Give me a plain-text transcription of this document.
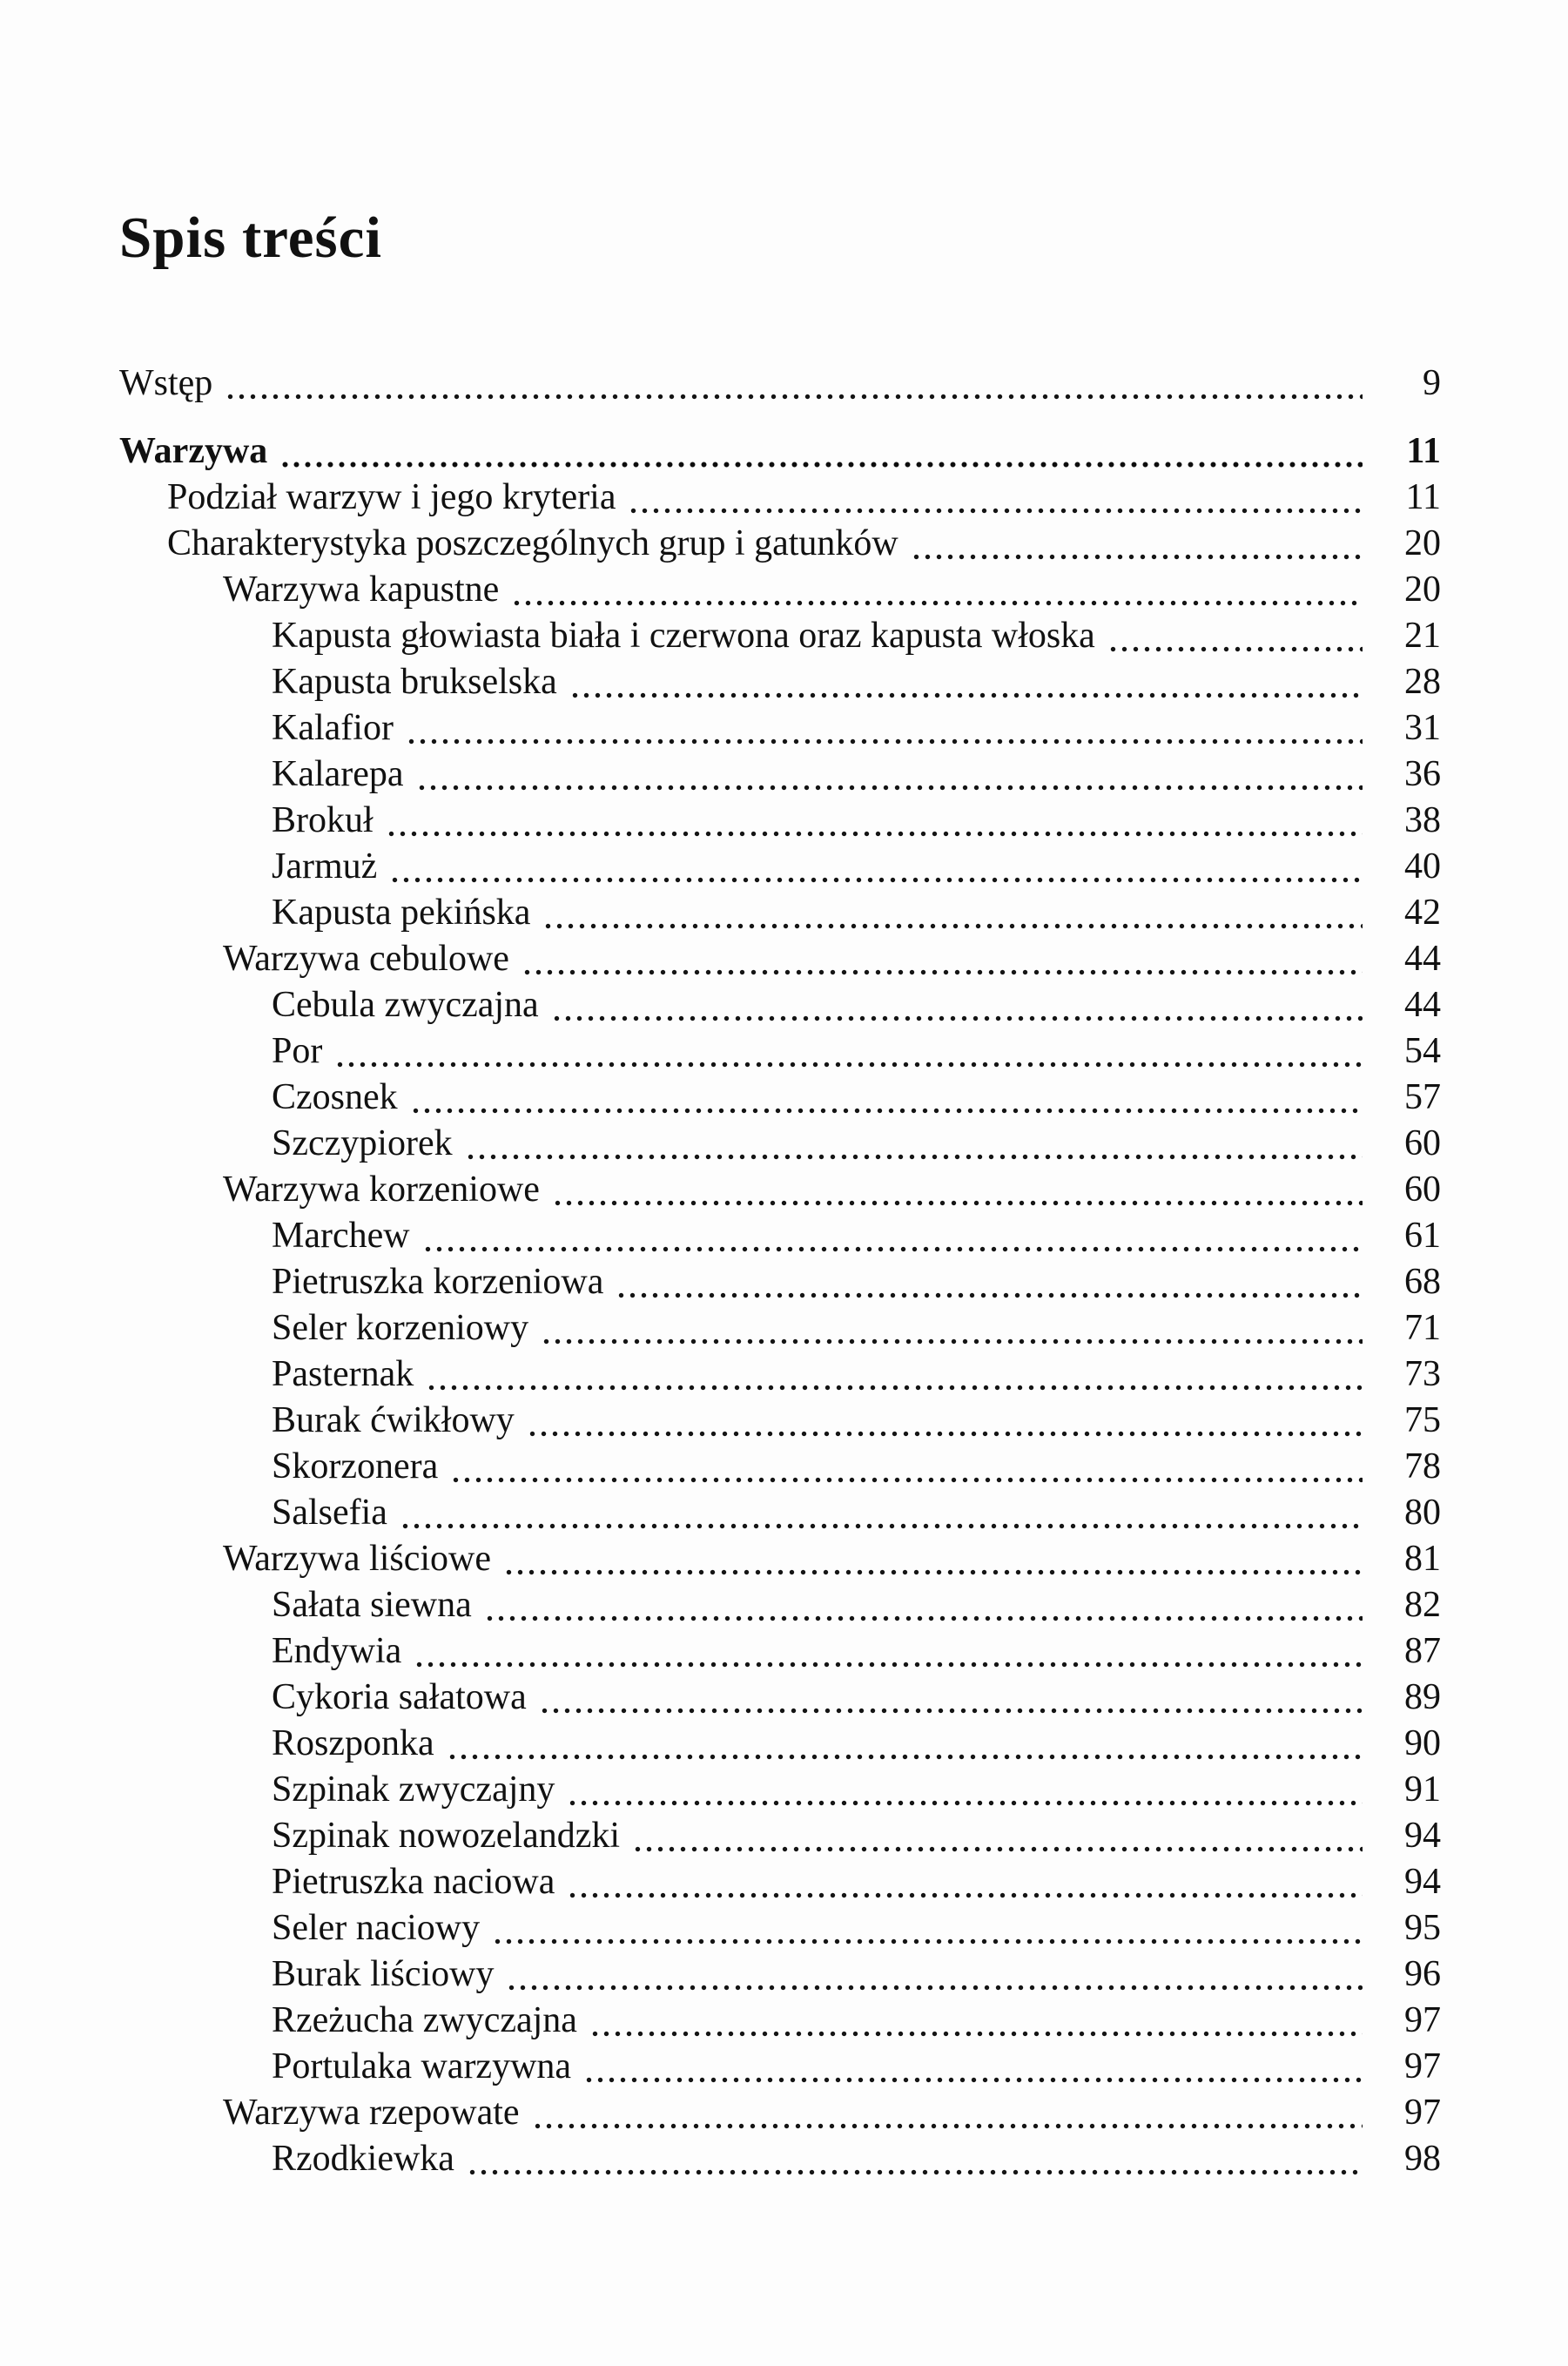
Spis treści
Wstęp	9
Warzywa	11
Podział warzyw i jego kryteria	11
Charakterystyka poszczególnych grup i gatunków	20
Warzywa kapustne	20
Kapusta głowiasta biała i czerwona oraz kapusta włoska	21
Kapusta brukselska	28
Kalafior	31
Kalarepa	36
Brokuł	38
Jarmuż	40
Kapusta pekińska	42
Warzywa cebulowe	44
Cebula zwyczajna	44
Por	54
Czosnek	57
Szczypiorek	60
Warzywa korzeniowe	60
Marchew	61
Pietruszka korzeniowa	68
Seler korzeniowy	71
Pasternak	73
Burak ćwikłowy	75
Skorzonera	78
Salsefia	80
Warzywa liściowe	81
Sałata siewna	82
Endywia	87
Cykoria sałatowa	89
Roszponka	90
Szpinak zwyczajny	91
Szpinak nowozelandzki	94
Pietruszka naciowa	94
Seler naciowy	95
Burak liściowy	96
Rzeżucha zwyczajna	97
Portulaka warzywna	97
Warzywa rzepowate	97
Rzodkiewka	98
